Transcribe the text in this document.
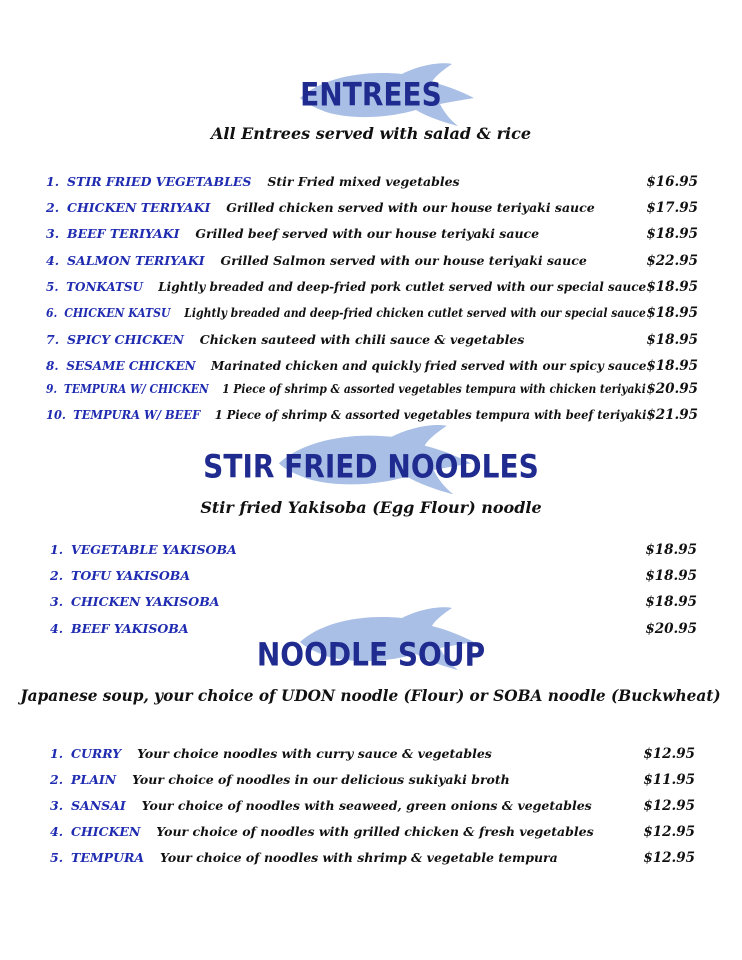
ENTREES

All Entrees served with salad & rice

1. STIR FRIED VEGETABLES Stir Fried mixed vegetables	$16.95
2. CHICKEN TERIYAKI Grilled chicken served with our house teriyaki sauce	$17.95
3. BEEF TERIYAKI Grilled beef served with our house teriyaki sauce	$18.95
4. SALMON TERIYAKI Grilled Salmon served with our house teriyaki sauce	$22.95
5. TONKATSU Lightly breaded and deep-fried pork cutlet served with our special sauce $18.95
6. CHICKEN KATSU Lightly breaded and deep-fried chicken cutlet served with our special sauce $18.95
7. SPICY CHICKEN Chicken sauteed with chili sauce & vegetables	$18.95
8. SESAME CHICKEN Marinated chicken and quickly fried served with our spicy sauce $18.95
9. TEMPURA W/ CHICKEN 1 Piece of shrimp & assorted vegetables tempura with chicken teriyaki $20.95
10. TEMPURA W/ BEEF 1 Piece of shrimp & assorted vegetables tempura with beef teriyaki $21.95
STIR FRIED NOODLES

Stir fried Yakisoba (Egg Flour) noodle

1. VEGETABLE YAKISOBA	$18.95
2. TOFU YAKISOBA	$18.95
3. CHICKEN YAKISOBA	$18.95
4. BEEF YAKISOBA	$20.95
NOODLE SOUP

Japanese soup, your choice of UDON noodle (Flour) or SOBA noodle (Buckwheat)

1. CURRY Your choice noodles with curry sauce & vegetables	$12.95
2. PLAIN Your choice of noodles in our delicious sukiyaki broth	$11.95
3. SANSAI Your choice of noodles with seaweed, green onions & vegetables	$12.95
4. CHICKEN Your choice of noodles with grilled chicken & fresh vegetables	$12.95
5. TEMPURA Your choice of noodles with shrimp & vegetable tempura	$12.95
